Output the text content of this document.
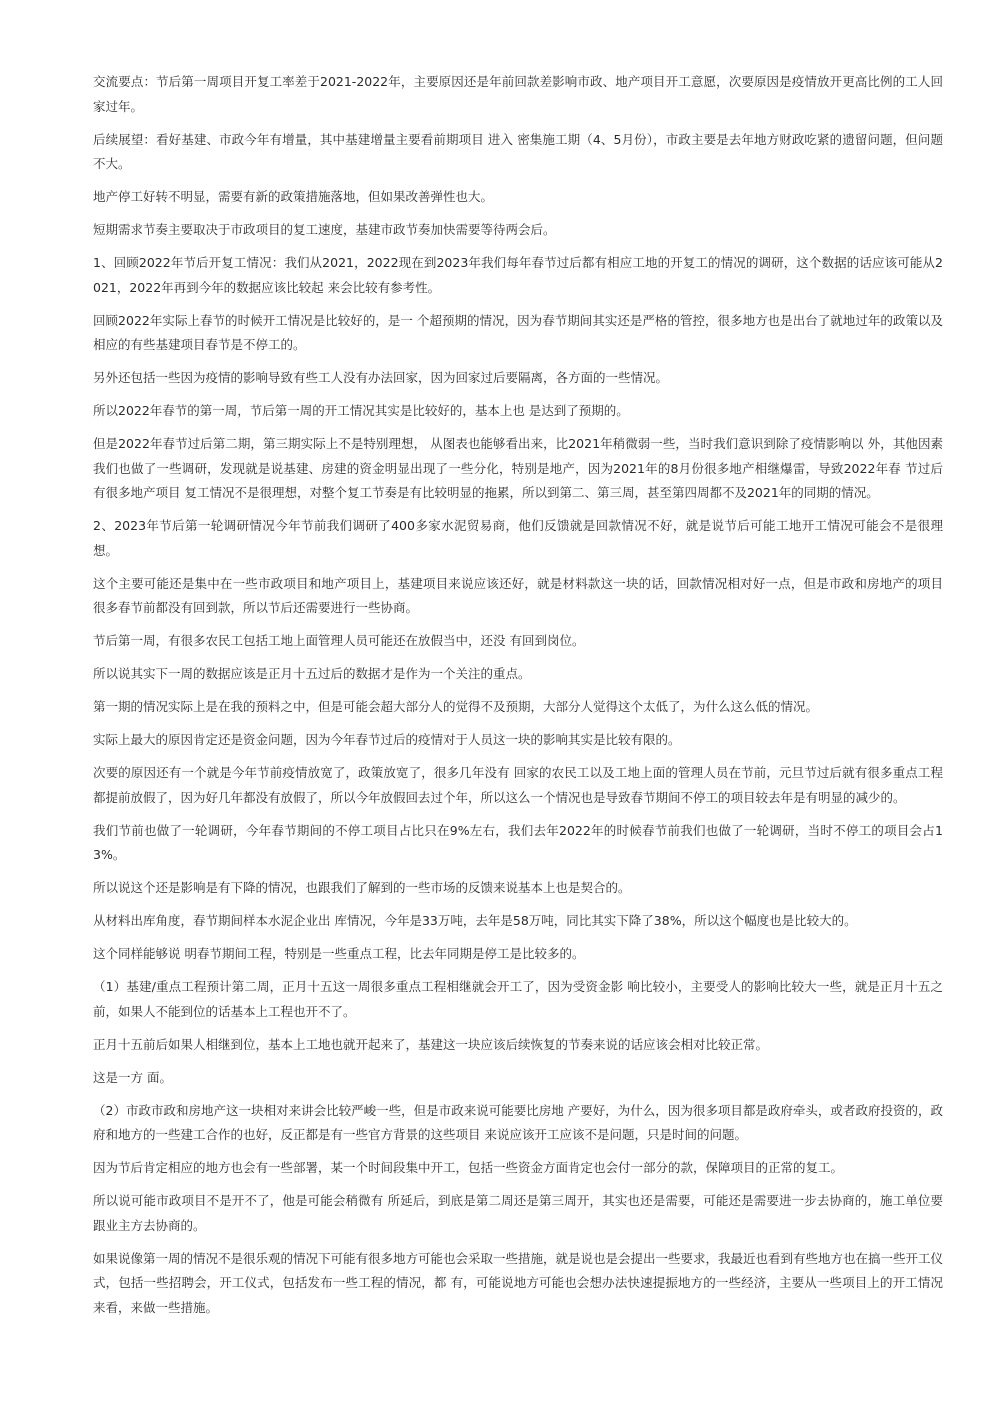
交流要点：节后第一周项目开复工率差于2021-2022年，主要原因还是年前回款差影响市政、地产项目开工意愿，次要原因是疫情放开更高比例的工人回家过年。

后续展望：看好基建、市政今年有增量，其中基建增量主要看前期项目 进入 密集施工期（4、5月份），市政主要是去年地方财政吃紧的遗留问题，但问题 不大。

地产停工好转不明显，需要有新的政策措施落地，但如果改善弹性也大。

短期需求节奏主要取决于市政项目的复工速度，基建市政节奏加快需要等待两会后。

1、回顾2022年节后开复工情况：我们从2021，2022现在到2023年我们每年春节过后都有相应工地的开复工的情况的调研，这个数据的话应该可能从2021，2022年再到今年的数据应该比较起 来会比较有参考性。

回顾2022年实际上春节的时候开工情况是比较好的，是一 个超预期的情况，因为春节期间其实还是严格的管控，很多地方也是出台了就地过年的政策以及相应的有些基建项目春节是不停工的。

另外还包括一些因为疫情的影响导致有些工人没有办法回家，因为回家过后要隔离，各方面的一些情况。

所以2022年春节的第一周，节后第一周的开工情况其实是比较好的，基本上也 是达到了预期的。

但是2022年春节过后第二期，第三期实际上不是特别理想， 从图表也能够看出来，比2021年稍微弱一些，当时我们意识到除了疫情影响以 外，其他因素我们也做了一些调研，发现就是说基建、房建的资金明显出现了一些分化，特别是地产，因为2021年的8月份很多地产相继爆雷，导致2022年春 节过后有很多地产项目 复工情况不是很理想，对整个复工节奏是有比较明显的拖累，所以到第二、第三周，甚至第四周都不及2021年的同期的情况。

2、2023年节后第一轮调研情况今年节前我们调研了400多家水泥贸易商，他们反馈就是回款情况不好，就是说节后可能工地开工情况可能会不是很理想。

这个主要可能还是集中在一些市政项目和地产项目上，基建项目来说应该还好，就是材料款这一块的话，回款情况相对好一点，但是市政和房地产的项目 很多春节前都没有回到款，所以节后还需要进行一些协商。

节后第一周，有很多农民工包括工地上面管理人员可能还在放假当中，还没 有回到岗位。

所以说其实下一周的数据应该是正月十五过后的数据才是作为一个关注的重点。

第一期的情况实际上是在我的预料之中，但是可能会超大部分人的觉得不及预期，大部分人觉得这个太低了，为什么这么低的情况。

实际上最大的原因肯定还是资金问题，因为今年春节过后的疫情对于人员这一块的影响其实是比较有限的。

次要的原因还有一个就是今年节前疫情放宽了，政策放宽了，很多几年没有 回家的农民工以及工地上面的管理人员在节前，元旦节过后就有很多重点工程都提前放假了，因为好几年都没有放假了，所以今年放假回去过个年，所以这么一个情况也是导致春节期间不停工的项目较去年是有明显的减少的。

我们节前也做了一轮调研，今年春节期间的不停工项目占比只在9%左右，我们去年2022年的时候春节前我们也做了一轮调研，当时不停工的项目会占13%。

所以说这个还是影响是有下降的情况，也跟我们了解到的一些市场的反馈来说基本上也是契合的。

从材料出库角度，春节期间样本水泥企业出 库情况，今年是33万吨，去年是58万吨，同比其实下降了38%，所以这个幅度也是比较大的。

这个同样能够说 明春节期间工程，特别是一些重点工程，比去年同期是停工是比较多的。

（1）基建/重点工程预计第二周，正月十五这一周很多重点工程相继就会开工了，因为受资金影 响比较小，主要受人的影响比较大一些，就是正月十五之前，如果人不能到位的话基本上工程也开不了。

正月十五前后如果人相继到位，基本上工地也就开起来了，基建这一块应该后续恢复的节奏来说的话应该会相对比较正常。

这是一方 面。

（2）市政市政和房地产这一块相对来讲会比较严峻一些，但是市政来说可能要比房地 产要好，为什么，因为很多项目都是政府牵头，或者政府投资的，政府和地方的一些建工合作的也好，反正都是有一些官方背景的这些项目 来说应该开工应该不是问题，只是时间的问题。

因为节后肯定相应的地方也会有一些部署，某一个时间段集中开工，包括一些资金方面肯定也会付一部分的款，保障项目的正常的复工。

所以说可能市政项目不是开不了，他是可能会稍微有 所延后，到底是第二周还是第三周开，其实也还是需要，可能还是需要进一步去协商的，施工单位要跟业主方去协商的。

如果说像第一周的情况不是很乐观的情况下可能有很多地方可能也会采取一些措施，就是说也是会提出一些要求，我最近也看到有些地方也在搞一些开工仪式，包括一些招聘会，开工仪式，包括发布一些工程的情况，都 有，可能说地方可能也会想办法快速提振地方的一些经济，主要从一些项目上的开工情况来看，来做一些措施。
